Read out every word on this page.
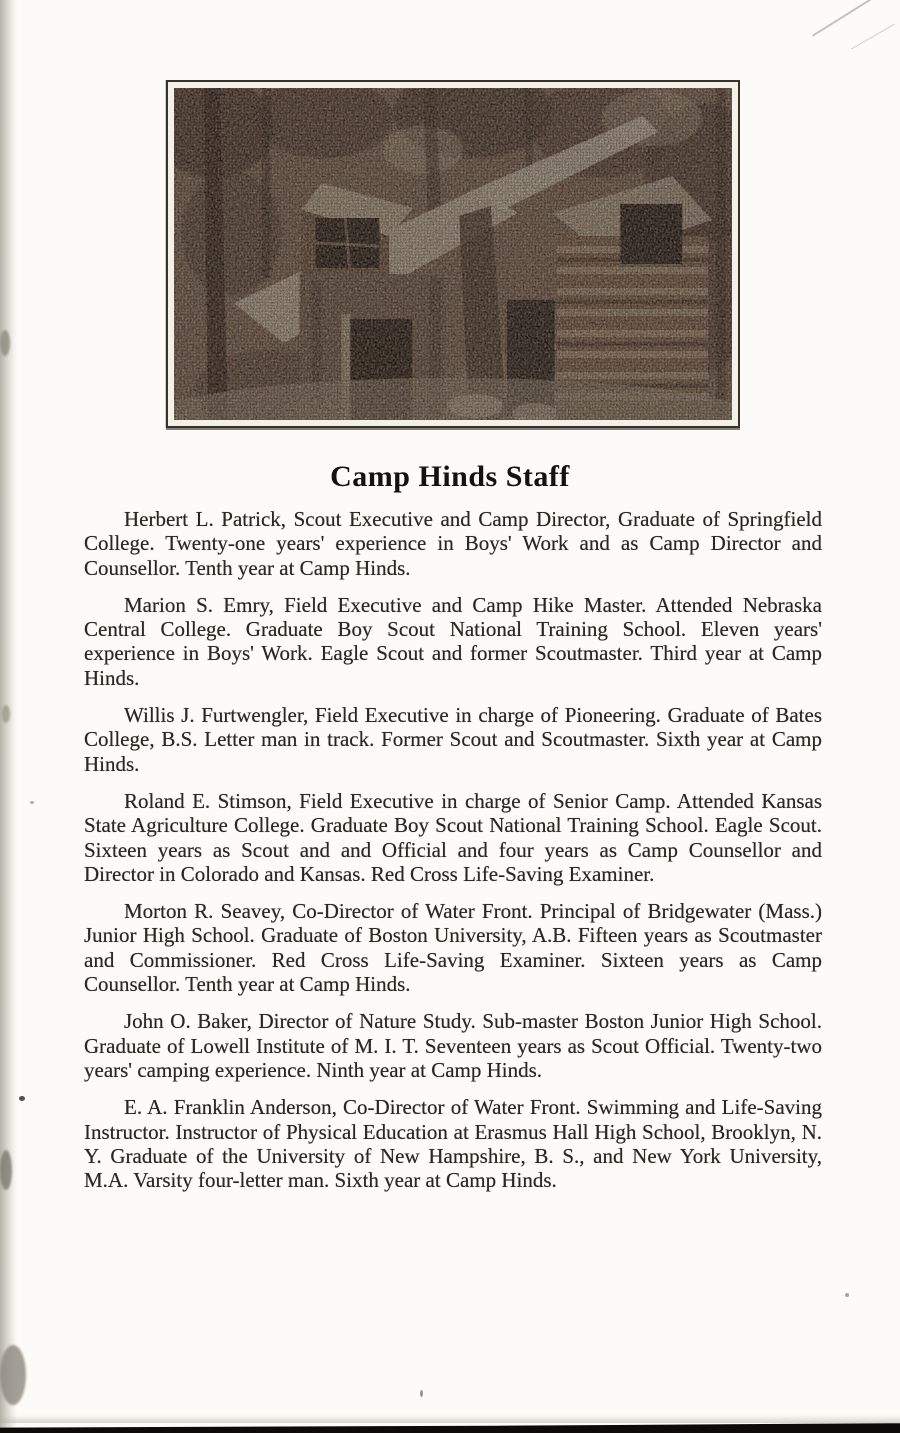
Camp Hinds Staff

Herbert L. Patrick, Scout Executive and Camp Director, Graduate of Springfield College. Twenty-one years' experience in Boys' Work and as Camp Director and Counsellor. Tenth year at Camp Hinds.

Marion S. Emry, Field Executive and Camp Hike Master. Attended Nebraska Central College. Graduate Boy Scout National Training School. Eleven years' experience in Boys' Work. Eagle Scout and former Scoutmaster. Third year at Camp Hinds.

Willis J. Furtwengler, Field Executive in charge of Pioneering. Graduate of Bates College, B.S. Letter man in track. Former Scout and Scoutmaster. Sixth year at Camp Hinds.

Roland E. Stimson, Field Executive in charge of Senior Camp. Attended Kansas State Agriculture College. Graduate Boy Scout National Training School. Eagle Scout. Sixteen years as Scout and and Official and four years as Camp Counsellor and Director in Colorado and Kansas. Red Cross Life-Saving Examiner.

Morton R. Seavey, Co-Director of Water Front. Principal of Bridgewater (Mass.) Junior High School. Graduate of Boston University, A.B. Fifteen years as Scoutmaster and Commissioner. Red Cross Life-Saving Examiner. Sixteen years as Camp Counsellor. Tenth year at Camp Hinds.

John O. Baker, Director of Nature Study. Sub-master Boston Junior High School. Graduate of Lowell Institute of M. I. T. Seventeen years as Scout Official. Twenty-two years' camping experience. Ninth year at Camp Hinds.

E. A. Franklin Anderson, Co-Director of Water Front. Swimming and Life-Saving Instructor. Instructor of Physical Education at Erasmus Hall High School, Brooklyn, N. Y. Graduate of the University of New Hampshire, B. S., and New York University, M.A. Varsity four-letter man. Sixth year at Camp Hinds.
